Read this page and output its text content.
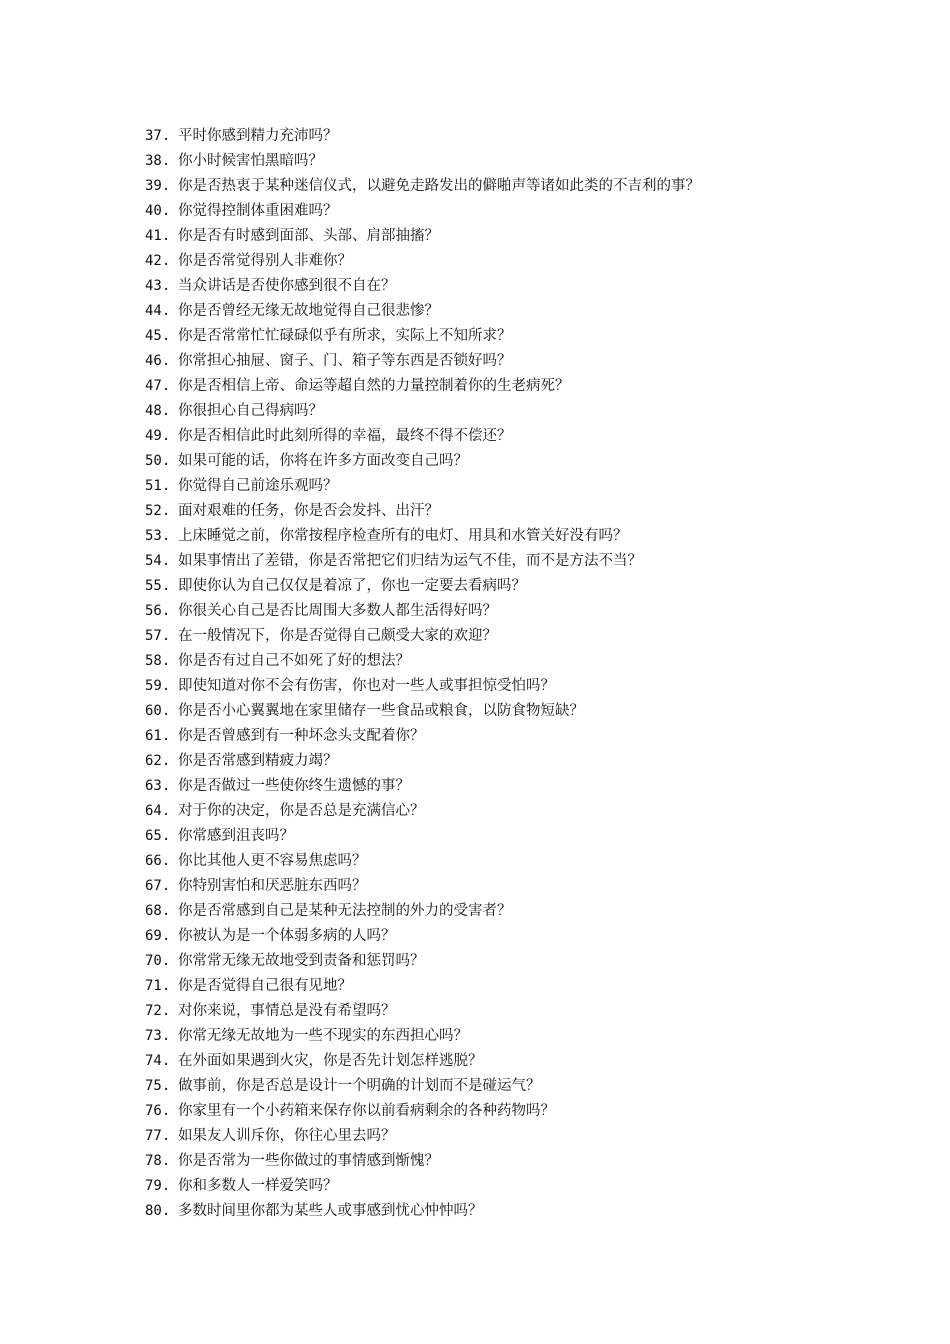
37. 平时你感到精力充沛吗？
38. 你小时候害怕黑暗吗？
39. 你是否热衷于某种迷信仪式，以避免走路发出的僻啪声等诸如此类的不吉利的事？
40. 你觉得控制体重困难吗？
41. 你是否有时感到面部、头部、肩部抽搐？
42. 你是否常觉得别人非难你？
43. 当众讲话是否使你感到很不自在？
44. 你是否曾经无缘无故地觉得自己很悲惨？
45. 你是否常常忙忙碌碌似乎有所求，实际上不知所求？
46. 你常担心抽屉、窗子、门、箱子等东西是否锁好吗？
47. 你是否相信上帝、命运等超自然的力量控制着你的生老病死？
48. 你很担心自己得病吗？
49. 你是否相信此时此刻所得的幸福，最终不得不偿还？
50. 如果可能的话，你将在许多方面改变自己吗？
51. 你觉得自己前途乐观吗？
52. 面对艰难的任务，你是否会发抖、出汗？
53. 上床睡觉之前，你常按程序检查所有的电灯、用具和水管关好没有吗？
54. 如果事情出了差错，你是否常把它们归结为运气不佳，而不是方法不当？
55. 即使你认为自己仅仅是着凉了，你也一定要去看病吗？
56. 你很关心自己是否比周围大多数人都生活得好吗？
57. 在一般情况下，你是否觉得自己颇受大家的欢迎？
58. 你是否有过自己不如死了好的想法？
59. 即使知道对你不会有伤害，你也对一些人或事担惊受怕吗？
60. 你是否小心翼翼地在家里储存一些食品或粮食，以防食物短缺？
61. 你是否曾感到有一种坏念头支配着你？
62. 你是否常感到精疲力竭？
63. 你是否做过一些使你终生遗憾的事？
64. 对于你的决定，你是否总是充满信心？
65. 你常感到沮丧吗？
66. 你比其他人更不容易焦虑吗？
67. 你特别害怕和厌恶脏东西吗？
68. 你是否常感到自己是某种无法控制的外力的受害者？
69. 你被认为是一个体弱多病的人吗？
70. 你常常无缘无故地受到责备和惩罚吗？
71. 你是否觉得自己很有见地？
72. 对你来说，事情总是没有希望吗？
73. 你常无缘无故地为一些不现实的东西担心吗？
74. 在外面如果遇到火灾，你是否先计划怎样逃脱？
75. 做事前，你是否总是设计一个明确的计划而不是碰运气？
76. 你家里有一个小药箱来保存你以前看病剩余的各种药物吗？
77. 如果友人训斥你，你往心里去吗？
78. 你是否常为一些你做过的事情感到惭愧？
79. 你和多数人一样爱笑吗？
80. 多数时间里你都为某些人或事感到忧心忡忡吗？
